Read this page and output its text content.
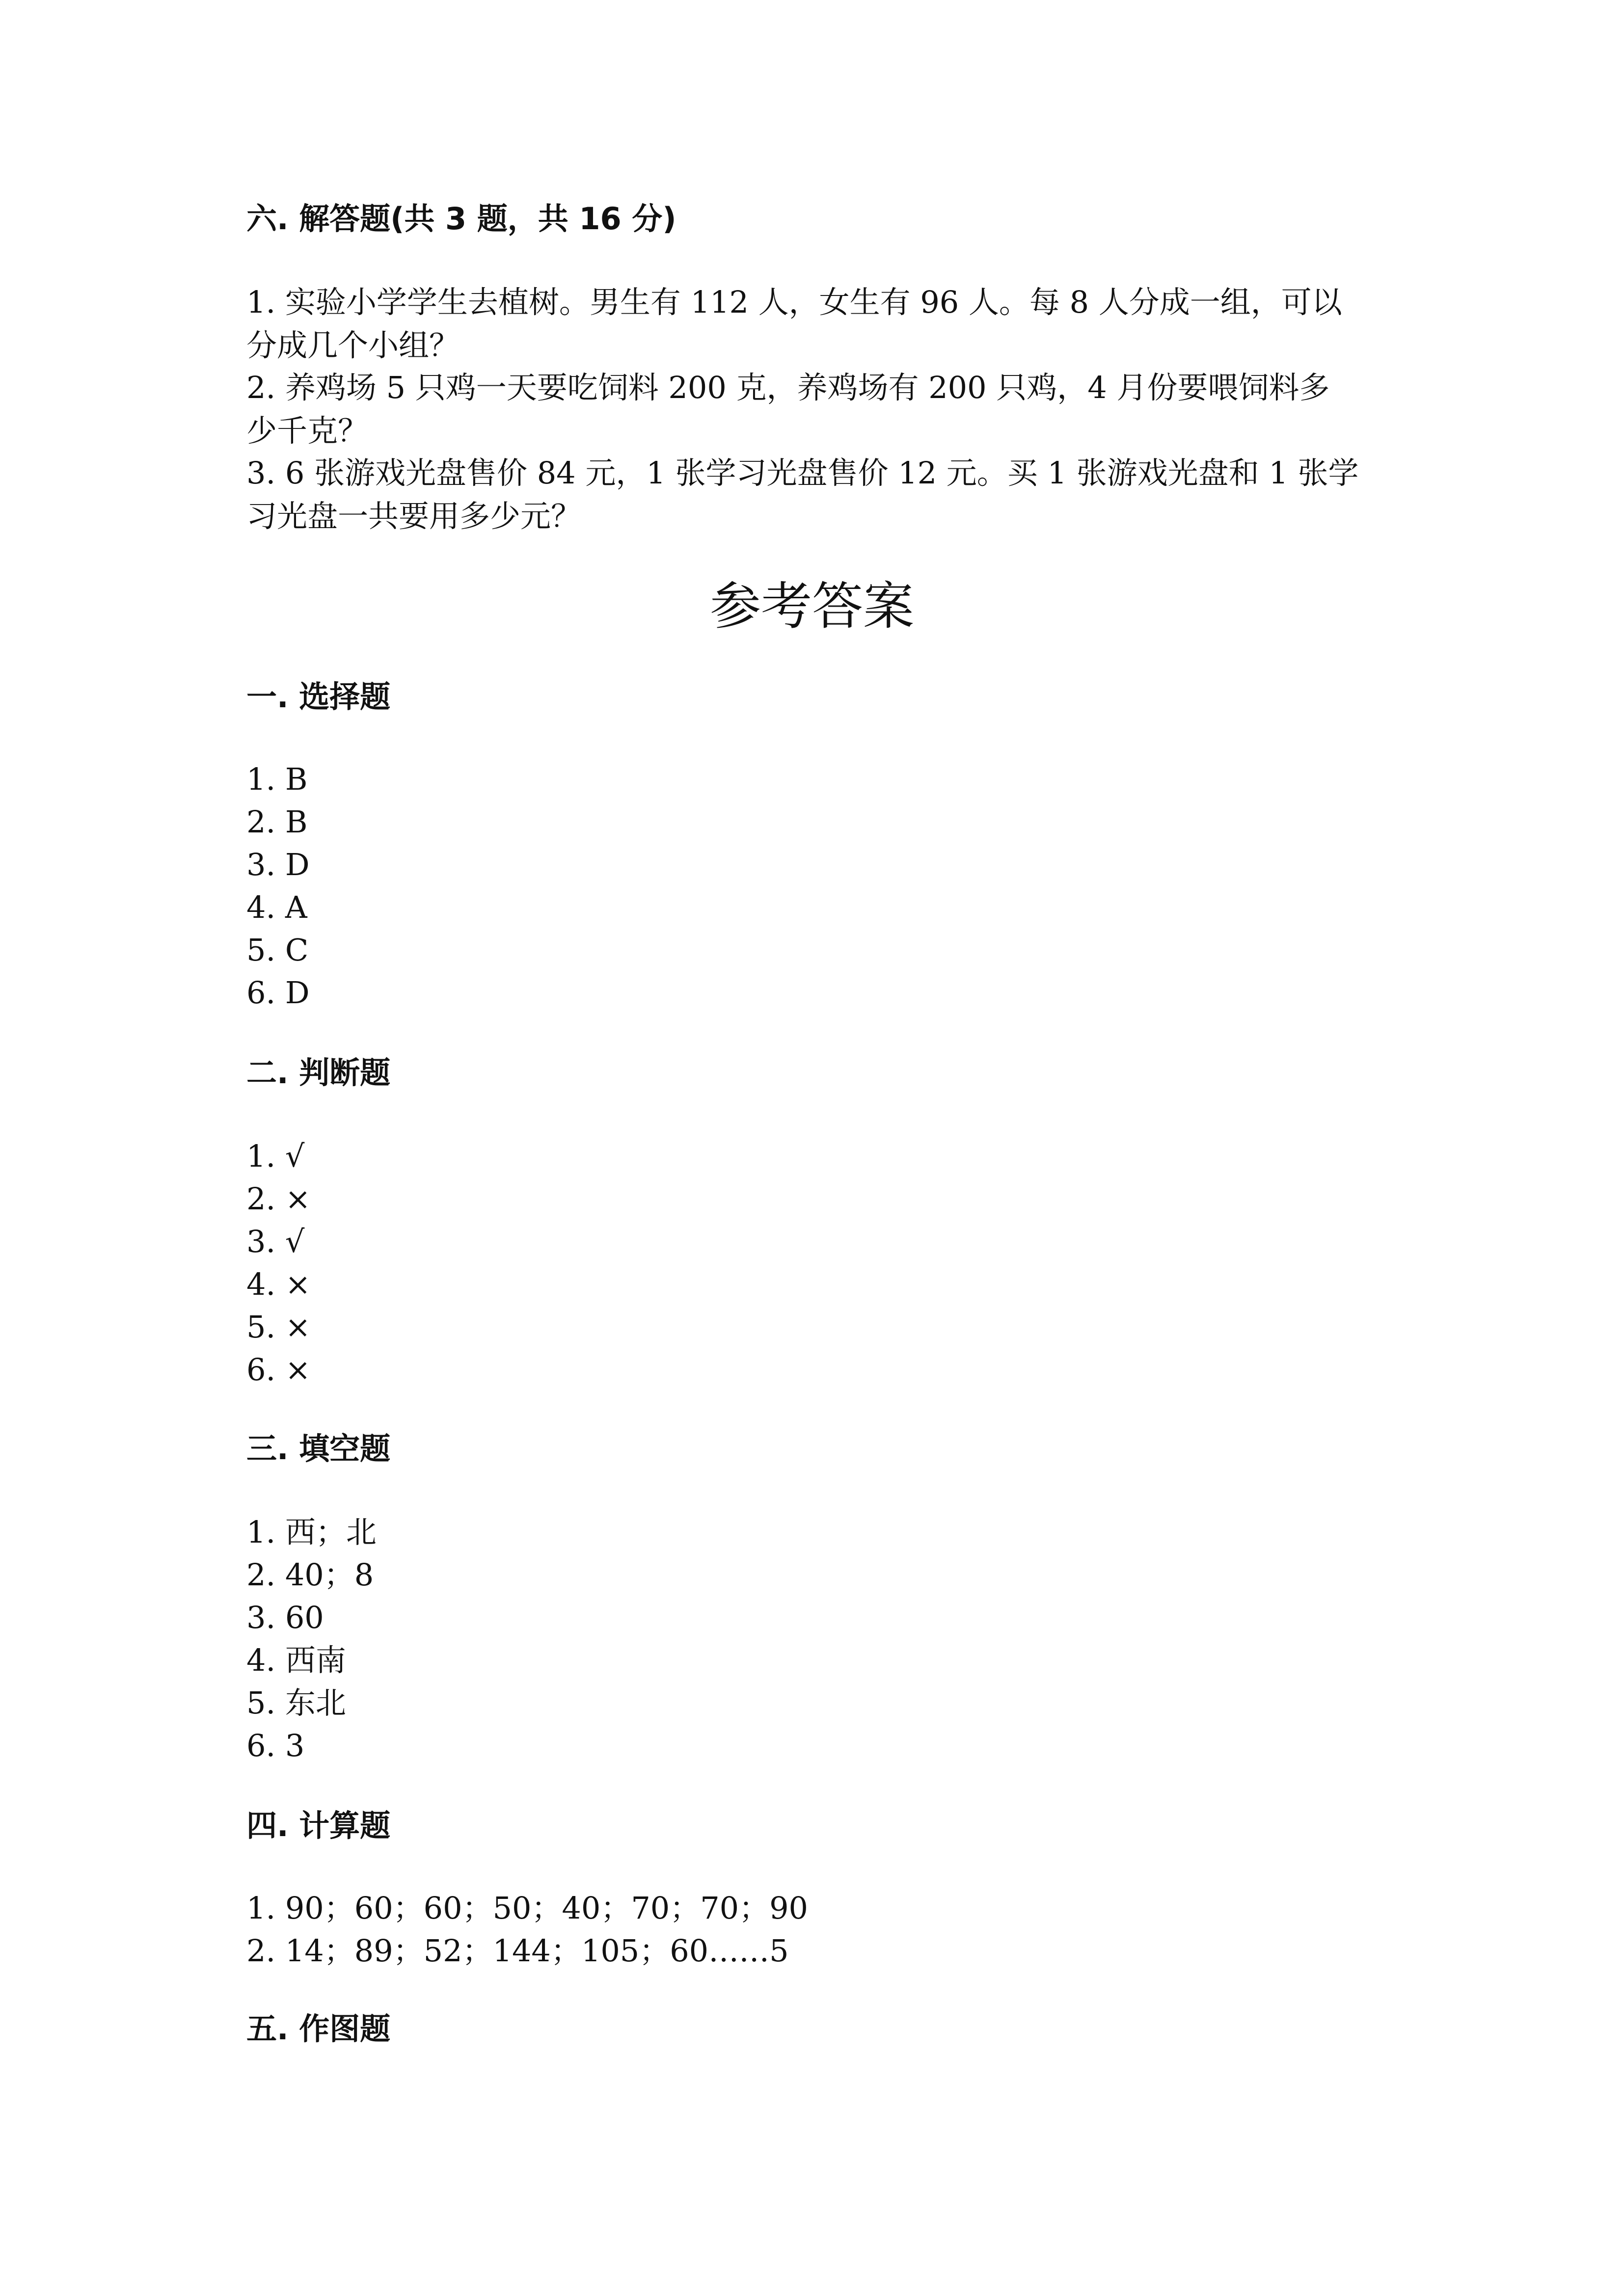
六. 解答题(共 3 题，共 16 分)

1. 实验小学学生去植树。男生有 112 人，女生有 96 人。每 8 人分成一组，可以

分成几个小组？

2. 养鸡场 5 只鸡一天要吃饲料 200 克，养鸡场有 200 只鸡，4 月份要喂饲料多

少千克？

3. 6 张游戏光盘售价 84 元，1 张学习光盘售价 12 元。买 1 张游戏光盘和 1 张学

习光盘一共要用多少元？

参考答案
一. 选择题
1. B
2. B
3. D
4. A
5. C
6. D
二. 判断题
1. √
2. ×
3. √
4. ×
5. ×
6. ×
三. 填空题
1. 西；北
2. 40；8
3. 60
4. 西南
5. 东北
6. 3
四. 计算题
1. 90；60；60；50；40；70；70；90
2. 14；89；52；144；105；60……5
五. 作图题
